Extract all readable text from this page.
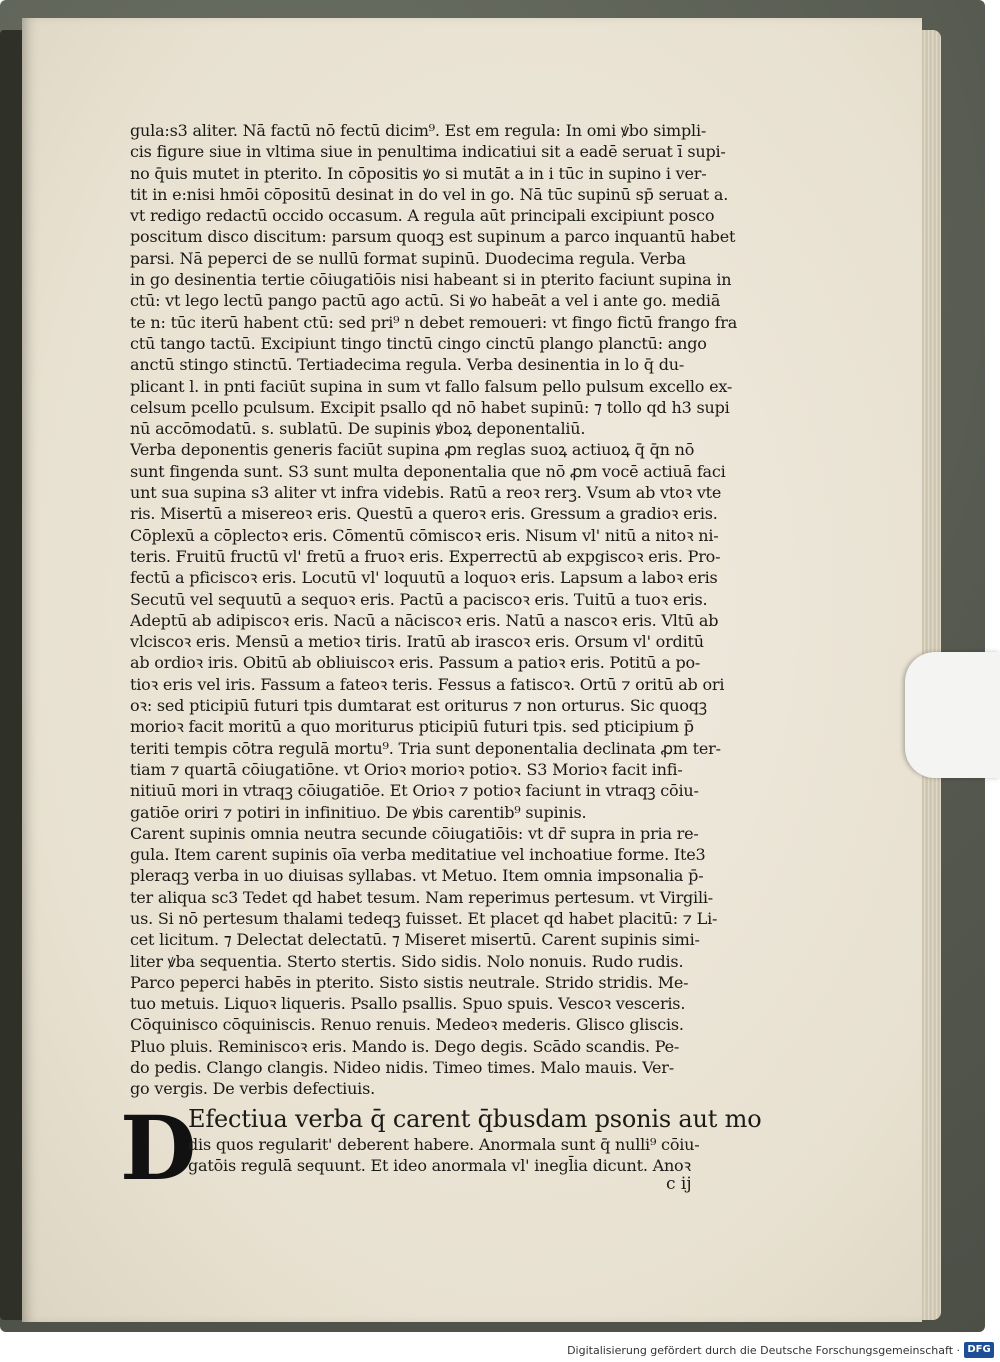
gula:s3 aliter. Nā factū nō fectū dicim⁹. Est em regula: In omi ꝟbo simpli-
cis figure siue in vltima siue in penultima indicatiui sit a eadē seruat ī supi-
no q̄uis mutet in pterito. In cōpositis ꝟo si mutāt a in i tūc in supino i ver-
tit in e:nisi hmōi cōpositū desinat in do vel in go. Nā tūc supinū sp̄ seruat a.
vt redigo redactū occido occasum. A regula aūt principali excipiunt posco
poscitum disco discitum: parsum quoqꝫ est supinum a parco inquantū habet
parsi. Nā peperci de se nullū format supinū. Duodecima regula. Verba
in go desinentia tertie cōiugatiōis nisi habeant si in pterito faciunt supina in
ctū: vt lego lectū pango pactū ago actū. Si ꝟo habeāt a vel i ante go. mediā
te n: tūc iterū habent ctū: sed pri⁹ n debet remoueri: vt fingo fictū frango fra
ctū tango tactū. Excipiunt tingo tinctū cingo cinctū plango planctū: ango
anctū stingo stinctū. Tertiadecima regula. Verba desinentia in lo q̄ du-
plicant l. in pnti faciūt supina in sum vt fallo falsum pello pulsum excello ex-
celsum pcello pculsum. Excipit psallo qd nō habet supinū: ⁊ tollo qd h3 supi
nū accōmodatū. s. sublatū. De supinis ꝟboꝝ deponentaliū.
Verba deponentis generis faciūt supina ꝓm reglas suoꝝ actiuoꝝ q̄ q̄n nō
sunt fingenda sunt. S3 sunt multa deponentalia que nō ꝓm vocē actiuā faci
unt sua supina s3 aliter vt infra videbis. Ratū a reoꝛ rerꝫ. Vsum ab vtoꝛ vte
ris. Misertū a misereoꝛ eris. Questū a queroꝛ eris. Gressum a gradioꝛ eris.
Cōplexū a cōplectoꝛ eris. Cōmentū cōmiscoꝛ eris. Nisum vl' nitū a nitoꝛ ni-
teris. Fruitū fructū vl' fretū a fruoꝛ eris. Experrectū ab expgiscoꝛ eris. Pro-
fectū a pficiscoꝛ eris. Locutū vl' loquutū a loquoꝛ eris. Lapsum a laboꝛ eris
Secutū vel sequutū a sequoꝛ eris. Pactū a paciscoꝛ eris. Tuitū a tuoꝛ eris.
Adeptū ab adipiscoꝛ eris. Nacū a nāciscoꝛ eris. Natū a nascoꝛ eris. Vltū ab
vlciscoꝛ eris. Mensū a metioꝛ tiris. Iratū ab irascoꝛ eris. Orsum vl' orditū
ab ordioꝛ iris. Obitū ab obliuiscoꝛ eris. Passum a patioꝛ eris. Potitū a po-
tioꝛ eris vel iris. Fassum a fateoꝛ teris. Fessus a fatiscoꝛ. Ortū ⁊ oritū ab ori
oꝛ: sed pticipiū futuri tpis dumtarat est oriturus ⁊ non orturus. Sic quoqꝫ
morioꝛ facit moritū a quo moriturus pticipiū futuri tpis. sed pticipium p̄
teriti tempis cōtra regulā mortu⁹. Tria sunt deponentalia declinata ꝓm ter-
tiam ⁊ quartā cōiugatiōne. vt Orioꝛ morioꝛ potioꝛ. S3 Morioꝛ facit infi-
nitiuū mori in vtraqꝫ cōiugatiōe. Et Orioꝛ ⁊ potioꝛ faciunt in vtraqꝫ cōiu-
gatiōe oriri ⁊ potiri in infinitiuo. De ꝟbis carentib⁹ supinis.
Carent supinis omnia neutra secunde cōiugatiōis: vt dr̄ supra in pria re-
gula. Item carent supinis oīa verba meditatiue vel inchoatiue forme. Ite3
pleraqꝫ verba in uo diuisas syllabas. vt Metuo. Item omnia impsonalia p̄-
ter aliqua sc3 Tedet qd habet tesum. Nam reperimus pertesum. vt Virgili-
us. Si nō pertesum thalami tedeqꝫ fuisset. Et placet qd habet placitū: ⁊ Li-
cet licitum. ⁊ Delectat delectatū. ⁊ Miseret misertū. Carent supinis simi-
liter ꝟba sequentia. Sterto stertis. Sido sidis. Nolo nonuis. Rudo rudis.
Parco peperci habēs in pterito. Sisto sistis neutrale. Strido stridis. Me-
tuo metuis. Liquoꝛ liqueris. Psallo psallis. Spuo spuis. Vescoꝛ vesceris.
Cōquinisco cōquiniscis. Renuo renuis. Medeoꝛ mederis. Glisco gliscis.
Pluo pluis. Reminiscoꝛ eris. Mando is. Dego degis. Scādo scandis. Pe-
do pedis. Clango clangis. Nideo nidis. Timeo times. Malo mauis. Ver-
go vergis. De verbis defectiuis.
D
Efectiua verba q̄ carent q̄busdam psonis aut mo
dis quos regularit' deberent habere. Anormala sunt q̄ nulli⁹ cōiu-
gatōis regulā sequunt. Et ideo anormala vl' inegl̄ia dicunt. Anoꝛ
c ij
Digitalisierung gefördert durch die Deutsche Forschungsgemeinschaft · DFG
